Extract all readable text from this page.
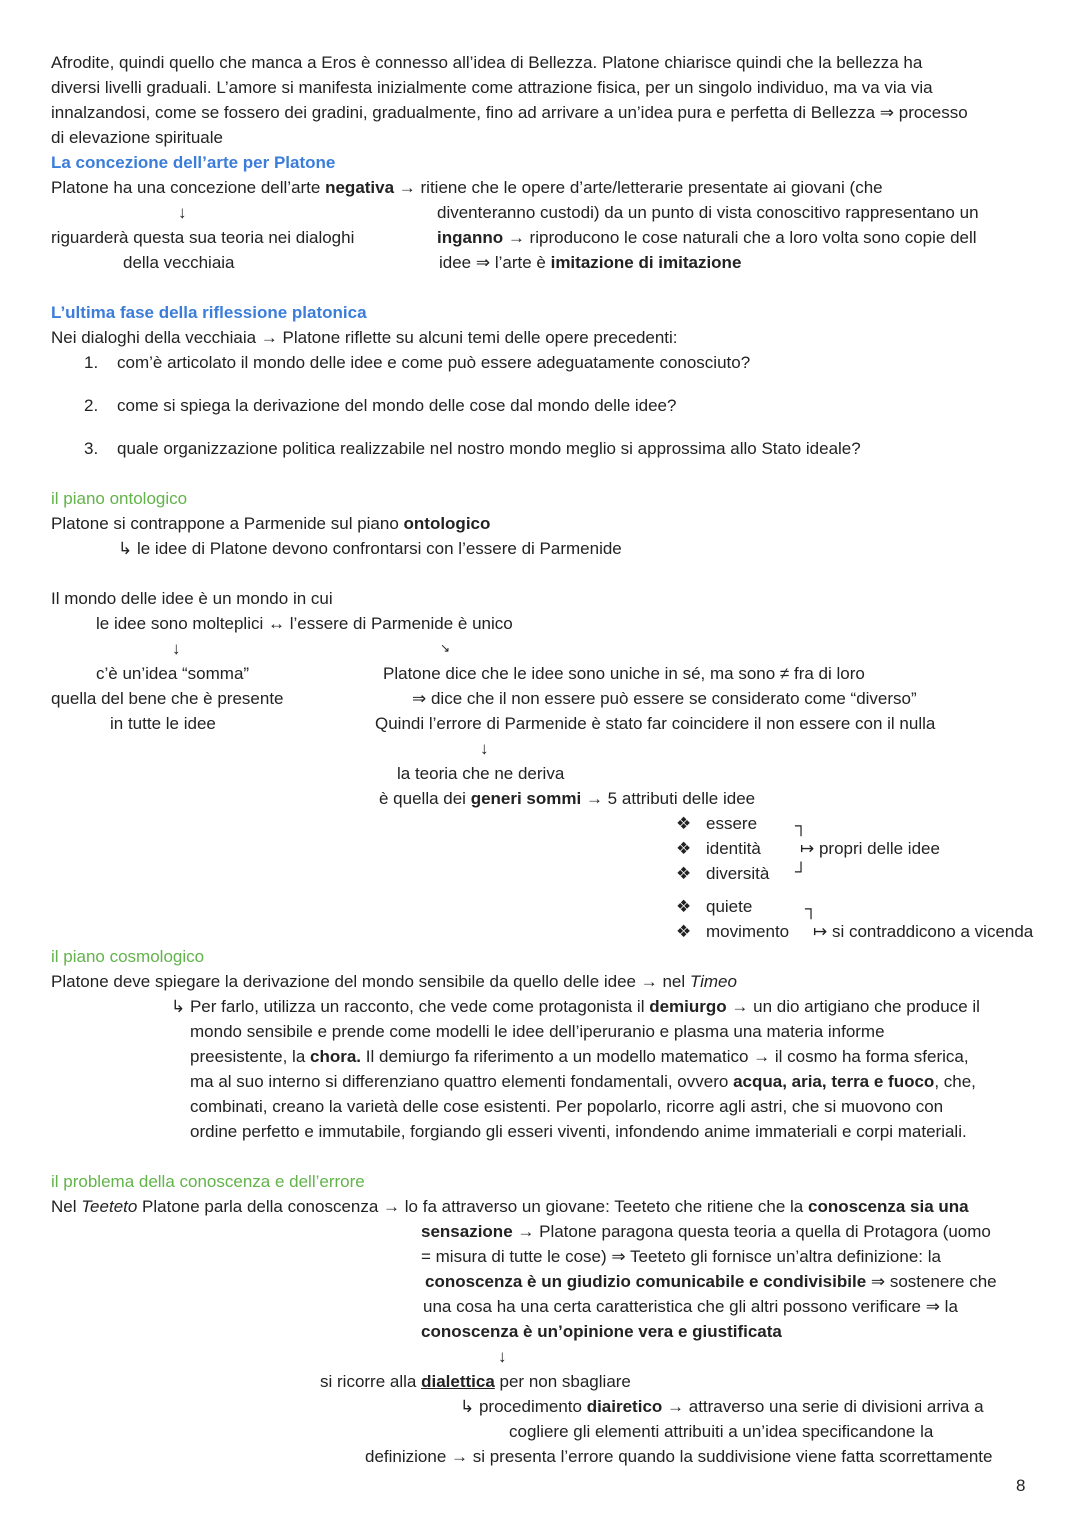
Afrodite, quindi quello che manca a Eros è connesso all’idea di Bellezza. Platone chiarisce quindi che la bellezza ha
diversi livelli graduali. L’amore si manifesta inizialmente come attrazione fisica, per un singolo individuo, ma va via via
innalzandosi, come se fossero dei gradini, gradualmente, fino ad arrivare a un’idea pura e perfetta di Bellezza ⇒ processo
di elevazione spirituale
La concezione dell’arte per Platone
Platone ha una concezione dell’arte negativa → ritiene che le opere d’arte/letterarie presentate ai giovani (che
↓	diventeranno custodi) da un punto di vista conoscitivo rappresentano un
riguarderà questa sua teoria nei dialoghi	inganno → riproducono le cose naturali che a loro volta sono copie dell
della vecchiaia	idee ⇒ l’arte è imitazione di imitazione
L’ultima fase della riflessione platonica
Nei dialoghi della vecchiaia → Platone riflette su alcuni temi delle opere precedenti:
1. com’è articolato il mondo delle idee e come può essere adeguatamente conosciuto?
2. come si spiega la derivazione del mondo delle cose dal mondo delle idee?
3. quale organizzazione politica realizzabile nel nostro mondo meglio si approssima allo Stato ideale?
il piano ontologico
Platone si contrappone a Parmenide sul piano ontologico
↳ le idee di Platone devono confrontarsi con l’essere di Parmenide
Il mondo delle idee è un mondo in cui
le idee sono molteplici ↔ l’essere di Parmenide è unico
↓	↘
c’è un’idea “somma”
quella del bene che è presente
in tutte le idee
Platone dice che le idee sono uniche in sé, ma sono ≠ fra di loro
⇒ dice che il non essere può essere se considerato come “diverso”
Quindi l’errore di Parmenide è stato far coincidere il non essere con il nulla
↓
la teoria che ne deriva
è quella dei generi sommi → 5 attributi delle idee
❖ essere
❖ identità
❖ diversità
❖ quiete
❖ movimento
┐
↦ propri delle idee
┘
┐
↦ si contraddicono a vicenda
il piano cosmologico
Platone deve spiegare la derivazione del mondo sensibile da quello delle idee → nel Timeo
↳ Per farlo, utilizza un racconto, che vede come protagonista il demiurgo → un dio artigiano che produce il
mondo sensibile e prende come modelli le idee dell’iperuranio e plasma una materia informe
preesistente, la chora. Il demiurgo fa riferimento a un modello matematico → il cosmo ha forma sferica,
ma al suo interno si differenziano quattro elementi fondamentali, ovvero acqua, aria, terra e fuoco, che,
combinati, creano la varietà delle cose esistenti. Per popolarlo, ricorre agli astri, che si muovono con
ordine perfetto e immutabile, forgiando gli esseri viventi, infondendo anime immateriali e corpi materiali.
il problema della conoscenza e dell’errore
Nel Teeteto Platone parla della conoscenza → lo fa attraverso un giovane: Teeteto che ritiene che la conoscenza sia una
sensazione → Platone paragona questa teoria a quella di Protagora (uomo
= misura di tutte le cose) ⇒ Teeteto gli fornisce un’altra definizione: la
conoscenza è un giudizio comunicabile e condivisibile ⇒ sostenere che
una cosa ha una certa caratteristica che gli altri possono verificare ⇒ la
conoscenza è un’opinione vera e giustificata
↓
si ricorre alla dialettica per non sbagliare
↳ procedimento diairetico → attraverso una serie di divisioni arriva a
cogliere gli elementi attribuiti a un’idea specificandone la
definizione → si presenta l’errore quando la suddivisione viene fatta scorrettamente
8
